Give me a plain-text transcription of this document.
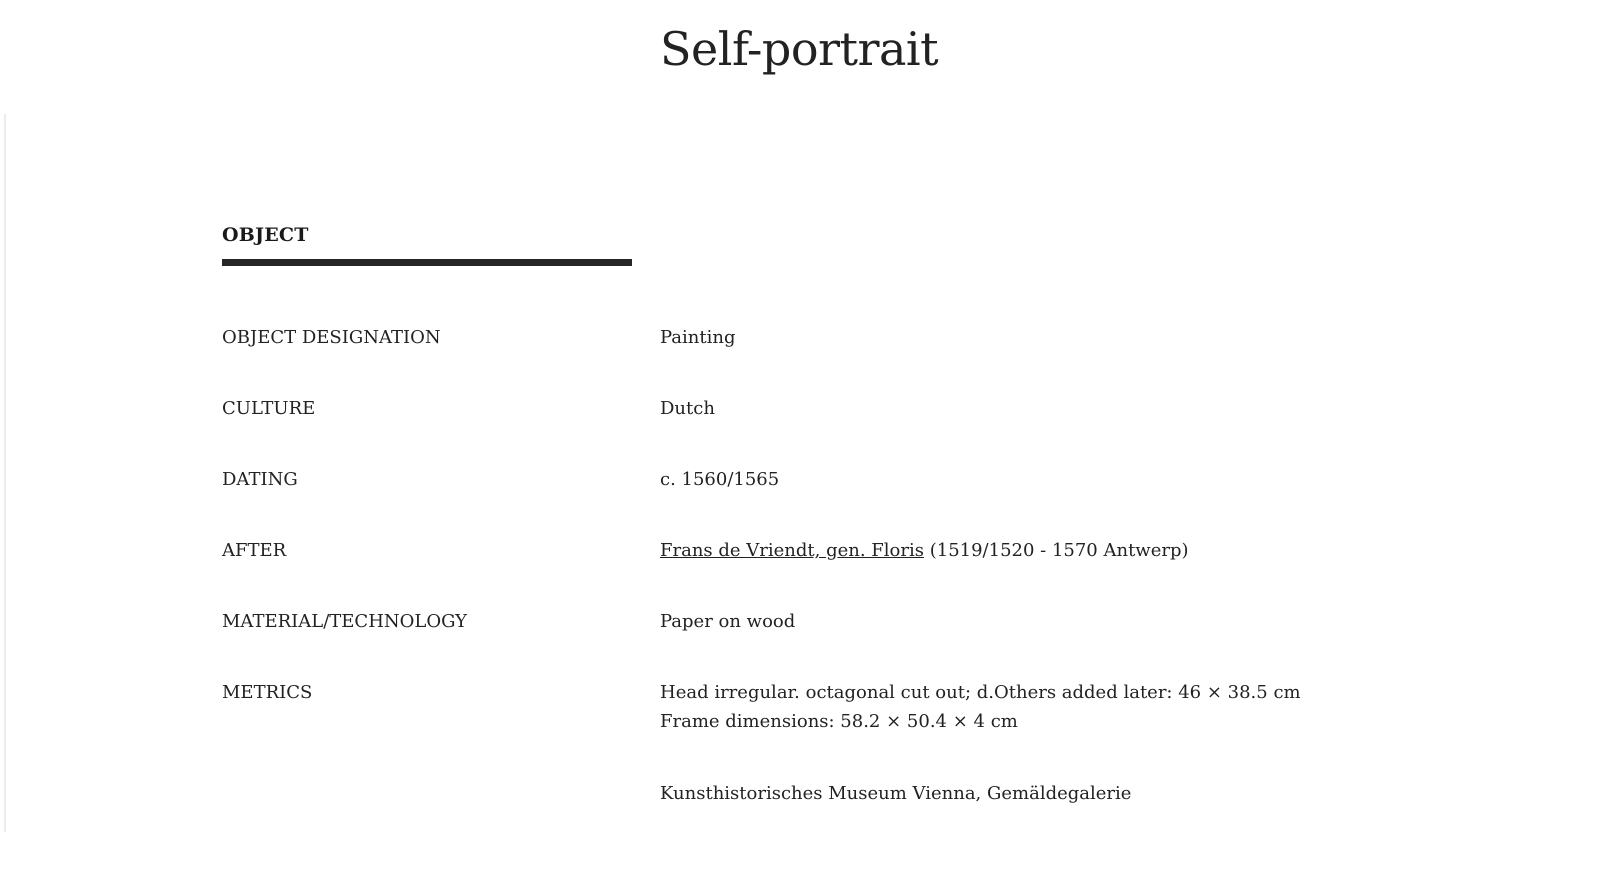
Self-portrait
OBJECT
OBJECT DESIGNATION	Painting
CULTURE	Dutch
DATING	c. 1560/1565
AFTER	Frans de Vriendt, gen. Floris (1519/1520 - 1570 Antwerp)
MATERIAL/TECHNOLOGY	Paper on wood
METRICS	Head irregular. octagonal cut out; d.Others added later: 46 × 38.5 cm
Frame dimensions: 58.2 × 50.4 × 4 cm
Kunsthistorisches Museum Vienna, Gemäldegalerie
